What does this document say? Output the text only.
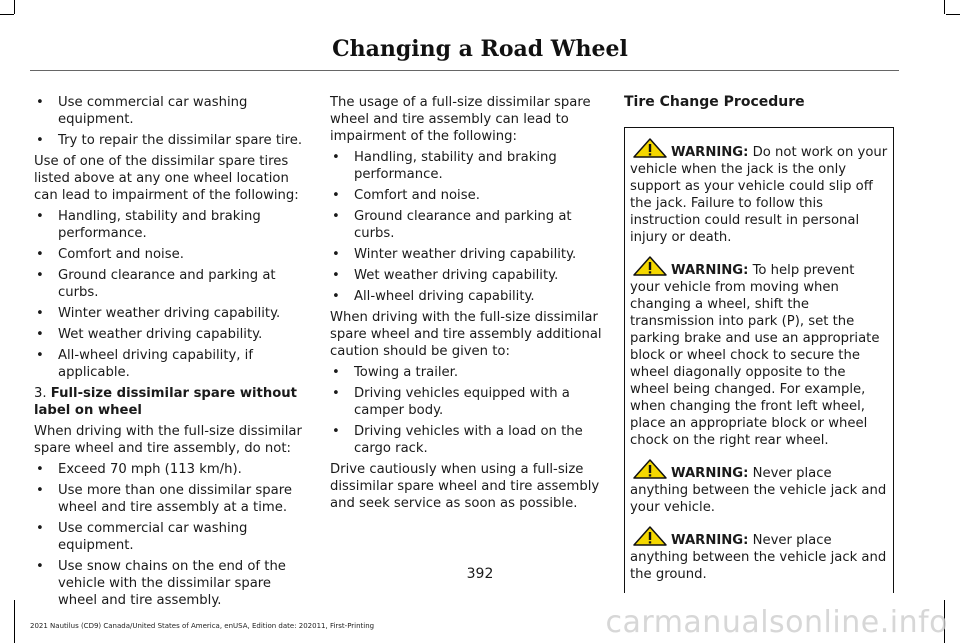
Changing a Road Wheel
• Use commercial car washing equipment.
• Try to repair the dissimilar spare tire.

Use of one of the dissimilar spare tires listed above at any one wheel location can lead to impairment of the following:

• Handling, stability and braking performance.
• Comfort and noise.
• Ground clearance and parking at curbs.
• Winter weather driving capability.
• Wet weather driving capability.
• All-wheel driving capability, if applicable.

3. Full-size dissimilar spare without label on wheel

When driving with the full-size dissimilar spare wheel and tire assembly, do not:

• Exceed 70 mph (113 km/h).
• Use more than one dissimilar spare wheel and tire assembly at a time.
• Use commercial car washing equipment.
• Use snow chains on the end of the vehicle with the dissimilar spare wheel and tire assembly.

The usage of a full-size dissimilar spare wheel and tire assembly can lead to impairment of the following:

• Handling, stability and braking performance.
• Comfort and noise.
• Ground clearance and parking at curbs.
• Winter weather driving capability.
• Wet weather driving capability.
• All-wheel driving capability.

When driving with the full-size dissimilar spare wheel and tire assembly additional caution should be given to:

• Towing a trailer.
• Driving vehicles equipped with a camper body.
• Driving vehicles with a load on the cargo rack.

Drive cautiously when using a full-size dissimilar spare wheel and tire assembly and seek service as soon as possible.

Tire Change Procedure
WARNING: Do not work on your vehicle when the jack is the only support as your vehicle could slip off the jack. Failure to follow this instruction could result in personal injury or death.
WARNING: To help prevent your vehicle from moving when changing a wheel, shift the transmission into park (P), set the parking brake and use an appropriate block or wheel chock to secure the wheel diagonally opposite to the wheel being changed. For example, when changing the front left wheel, place an appropriate block or wheel chock on the right rear wheel.
WARNING: Never place anything between the vehicle jack and your vehicle.
WARNING: Never place anything between the vehicle jack and the ground.
392
2021 Nautilus (CD9) Canada/United States of America, enUSA, Edition date: 202011, First-Printing	carmanualsonline.info
